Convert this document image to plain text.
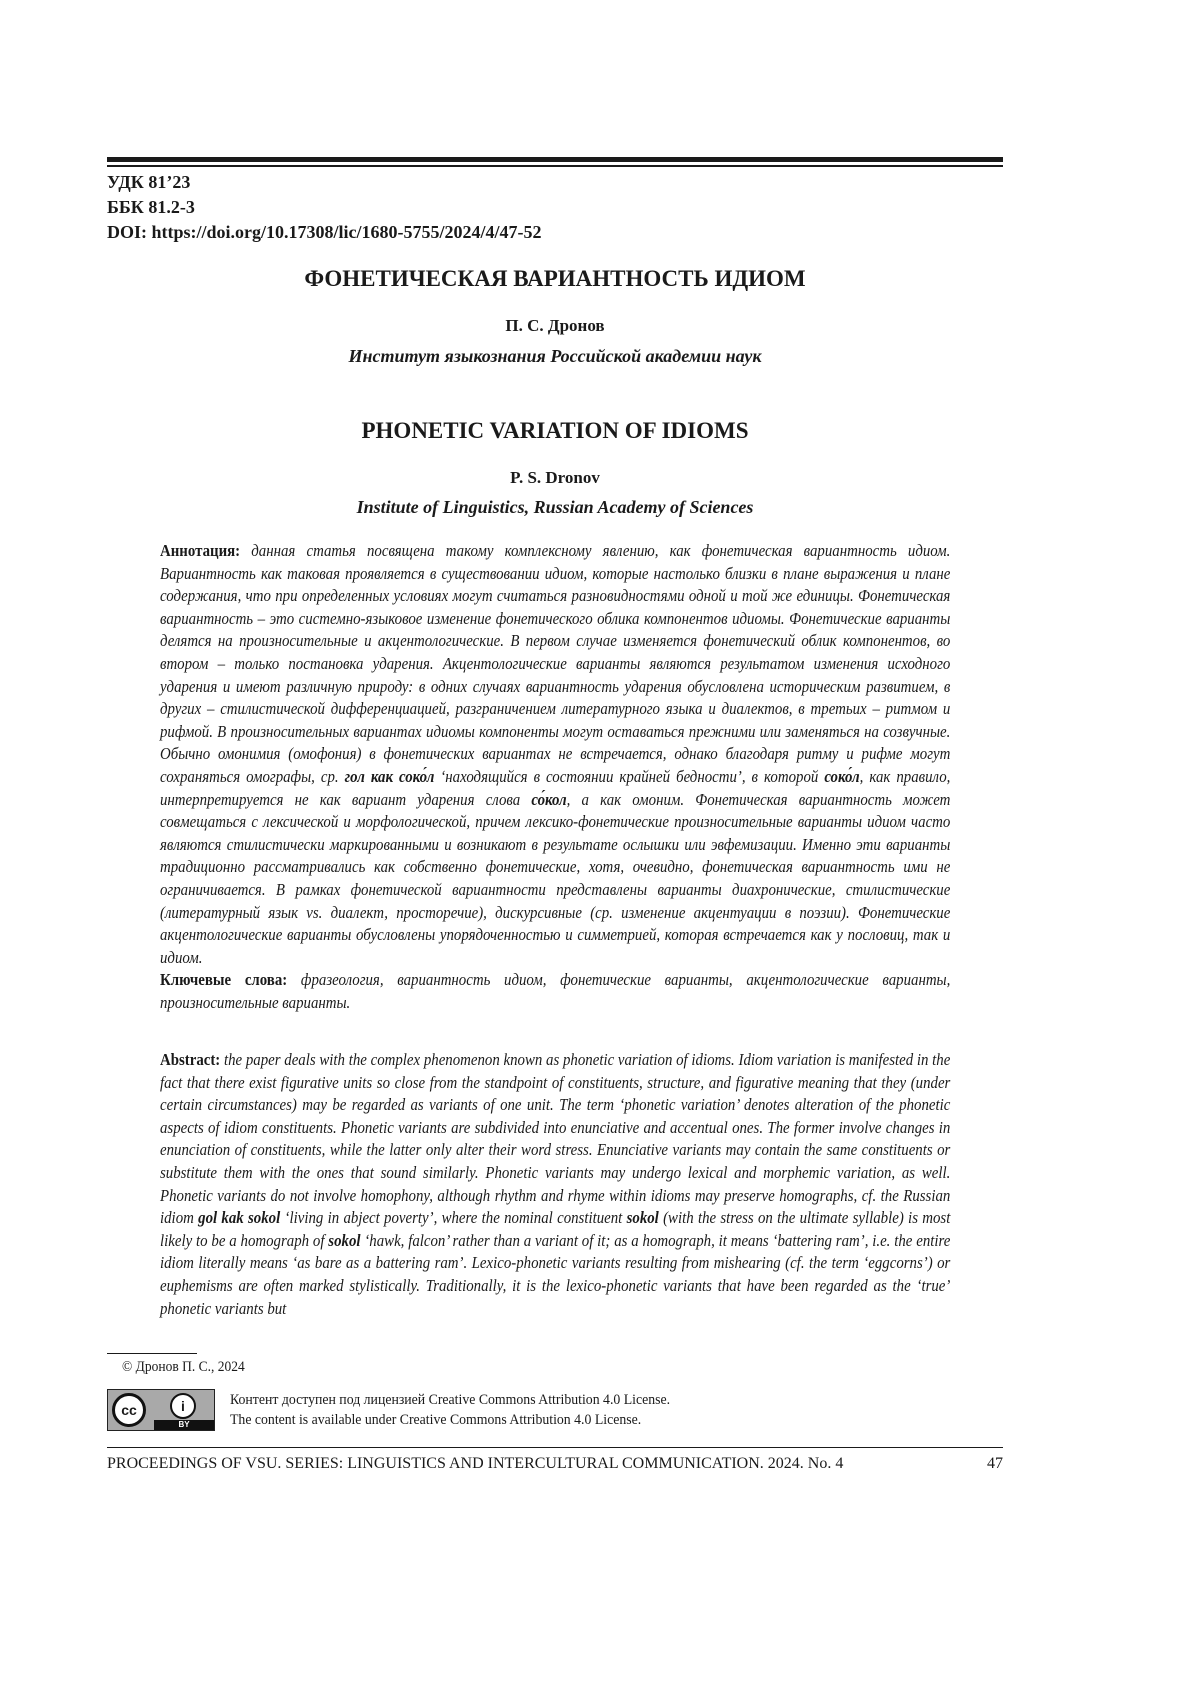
УДК 81’23
ББК 81.2-3
DOI: https://doi.org/10.17308/lic/1680-5755/2024/4/47-52
ФОНЕТИЧЕСКАЯ ВАРИАНТНОСТЬ ИДИОМ
П. С. Дронов
Институт языкознания Российской академии наук
PHONETIC VARIATION OF IDIOMS
P. S. Dronov
Institute of Linguistics, Russian Academy of Sciences
Аннотация: данная статья посвящена такому комплексному явлению, как фонетическая вариантность идиом. Вариантность как таковая проявляется в существовании идиом, которые настолько близки в плане выражения и плане содержания, что при определенных условиях могут считаться разновидностями одной и той же единицы. Фонетическая вариантность – это системно-языковое изменение фонетического облика компонентов идиомы. Фонетические варианты делятся на произносительные и акцентологические. В первом случае изменяется фонетический облик компонентов, во втором – только постановка ударения. Акцентологические варианты являются результатом изменения исходного ударения и имеют различную природу: в одних случаях вариантность ударения обусловлена историческим развитием, в других – стилистической дифференциацией, разграничением литературного языка и диалектов, в третьих – ритмом и рифмой. В произносительных вариантах идиомы компоненты могут оставаться прежними или заменяться на созвучные. Обычно омонимия (омофония) в фонетических вариантах не встречается, однако благодаря ритму и рифме могут сохраняться омографы, ср. гол как соко́л ‘находящийся в состоянии крайней бедности’, в которой соко́л, как правило, интерпретируется не как вариант ударения слова со́кол, а как омоним. Фонетическая вариантность может совмещаться с лексической и морфологической, причем лексико-фонетические произносительные варианты идиом часто являются стилистически маркированными и возникают в результате ослышки или эвфемизации. Именно эти варианты традиционно рассматривались как собственно фонетические, хотя, очевидно, фонетическая вариантность ими не ограничивается. В рамках фонетической вариантности представлены варианты диахронические, стилистические (литературный язык vs. диалект, просторечие), дискурсивные (ср. изменение акцентуации в поэзии). Фонетические акцентологические варианты обусловлены упорядоченностью и симметрией, которая встречается как у пословиц, так и идиом.
Ключевые слова: фразеология, вариантность идиом, фонетические варианты, акцентологические варианты, произносительные варианты.
Abstract: the paper deals with the complex phenomenon known as phonetic variation of idioms. Idiom variation is manifested in the fact that there exist figurative units so close from the standpoint of constituents, structure, and figurative meaning that they (under certain circumstances) may be regarded as variants of one unit. The term ‘phonetic variation’ denotes alteration of the phonetic aspects of idiom constituents. Phonetic variants are subdivided into enunciative and accentual ones. The former involve changes in enunciation of constituents, while the latter only alter their word stress. Enunciative variants may contain the same constituents or substitute them with the ones that sound similarly. Phonetic variants may undergo lexical and morphemic variation, as well. Phonetic variants do not involve homophony, although rhythm and rhyme within idioms may preserve homographs, cf. the Russian idiom gol kak sokol ‘living in abject poverty’, where the nominal constituent sokol (with the stress on the ultimate syllable) is most likely to be a homograph of sokol ‘hawk, falcon’ rather than a variant of it; as a homograph, it means ‘battering ram’, i.e. the entire idiom literally means ‘as bare as a battering ram’. Lexico-phonetic variants resulting from mishearing (cf. the term ‘eggcorns’) or euphemisms are often marked stylistically. Traditionally, it is the lexico-phonetic variants that have been regarded as the ‘true’ phonetic variants but
© Дронов П. С., 2024
cc	i
BY
Контент доступен под лицензией Creative Commons Attribution 4.0 License.
The content is available under Creative Commons Attribution 4.0 License.
PROCEEDINGS OF VSU. SERIES: LINGUISTICS AND INTERCULTURAL COMMUNICATION. 2024. No. 4	47
